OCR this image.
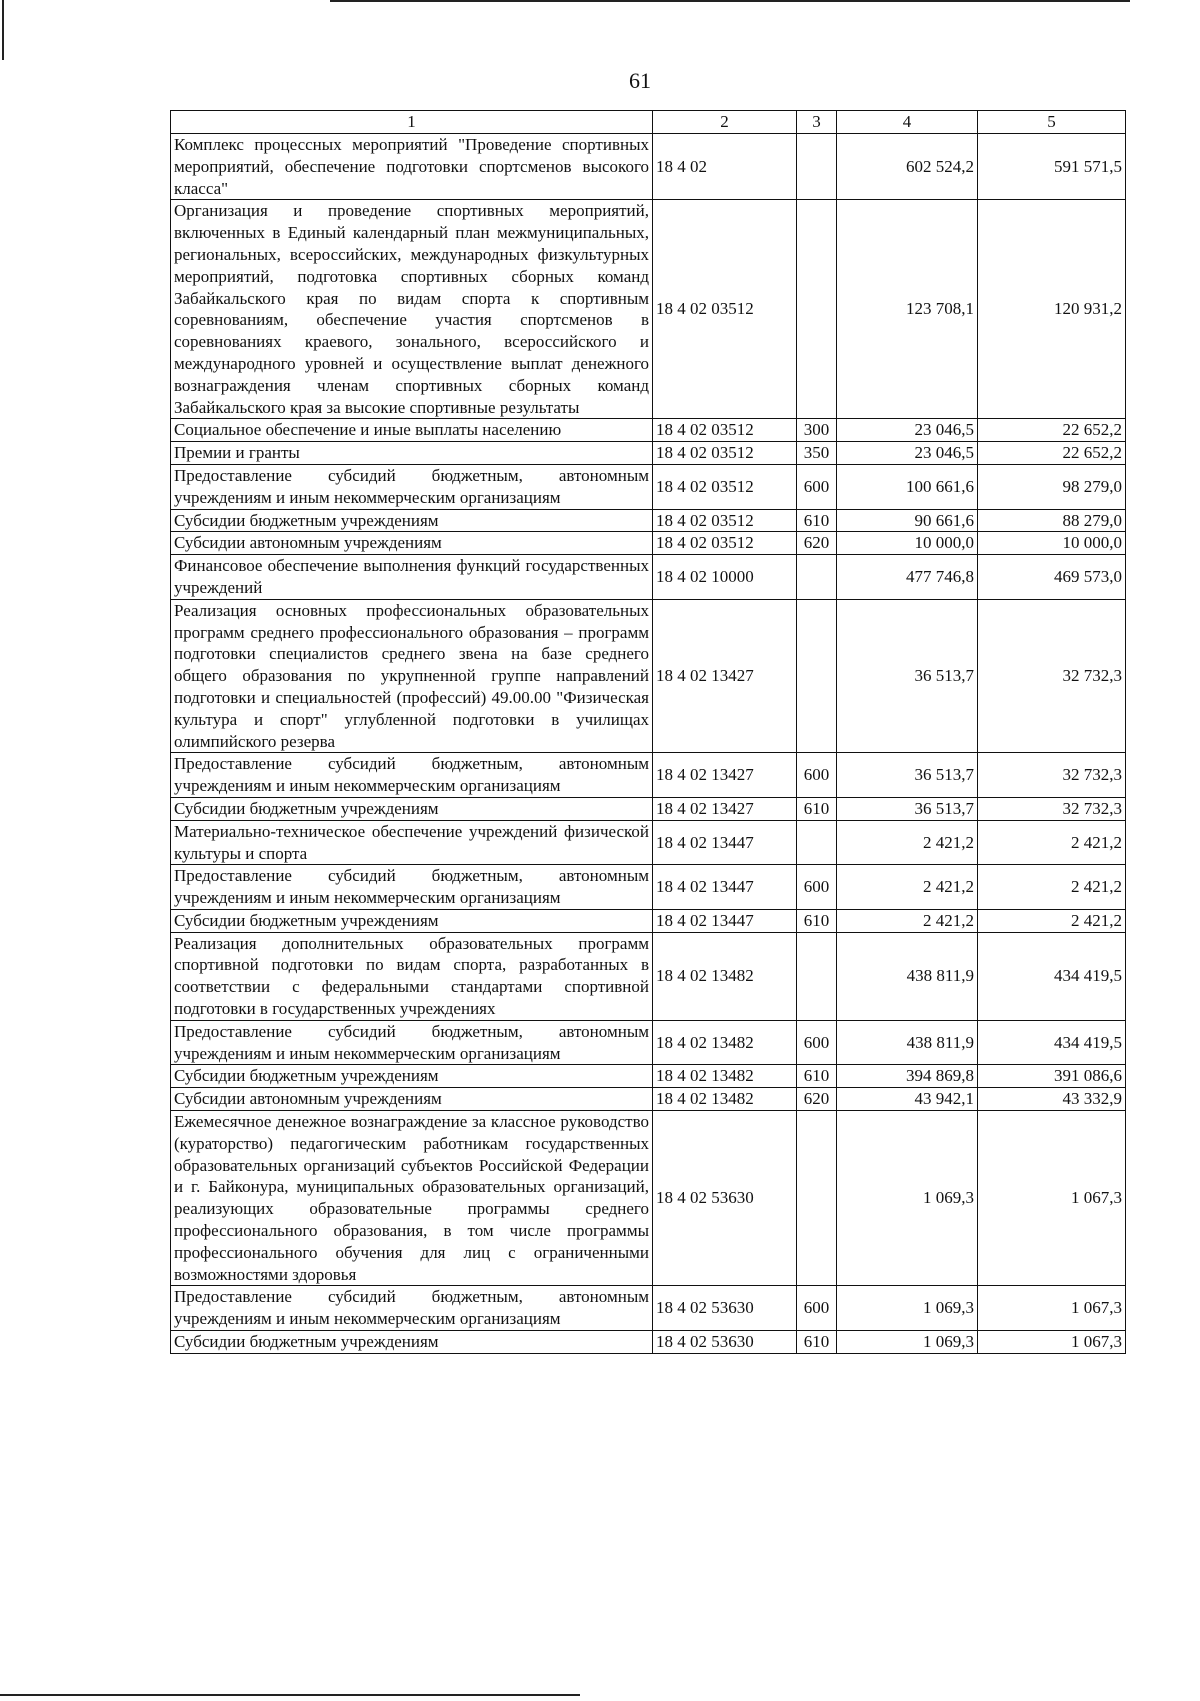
61
1	2	3	4	5
Комплекс процессных мероприятий "Проведение спортивных мероприятий, обеспечение подготовки спортсменов высокого класса"	18 4 02		602 524,2	591 571,5
Организация и проведение спортивных мероприятий, включенных в Единый календарный план межмуниципальных, региональных, всероссийских, международных физкультурных мероприятий, подготовка спортивных сборных команд Забайкальского края по видам спорта к спортивным соревнованиям, обеспечение участия спортсменов в соревнованиях краевого, зонального, всероссийского и международного уровней и осуществление выплат денежного вознаграждения членам спортивных сборных команд Забайкальского края за высокие спортивные результаты	18 4 02 03512		123 708,1	120 931,2
Социальное обеспечение и иные выплаты населению	18 4 02 03512	300	23 046,5	22 652,2
Премии и гранты	18 4 02 03512	350	23 046,5	22 652,2
Предоставление субсидий бюджетным, автономным учреждениям и иным некоммерческим организациям	18 4 02 03512	600	100 661,6	98 279,0
Субсидии бюджетным учреждениям	18 4 02 03512	610	90 661,6	88 279,0
Субсидии автономным учреждениям	18 4 02 03512	620	10 000,0	10 000,0
Финансовое обеспечение выполнения функций государственных учреждений	18 4 02 10000		477 746,8	469 573,0
Реализация основных профессиональных образовательных программ среднего профессионального образования – программ подготовки специалистов среднего звена на базе среднего общего образования по укрупненной группе направлений подготовки и специальностей (профессий) 49.00.00 "Физическая культура и спорт" углубленной подготовки в училищах олимпийского резерва	18 4 02 13427		36 513,7	32 732,3
Предоставление субсидий бюджетным, автономным учреждениям и иным некоммерческим организациям	18 4 02 13427	600	36 513,7	32 732,3
Субсидии бюджетным учреждениям	18 4 02 13427	610	36 513,7	32 732,3
Материально-техническое обеспечение учреждений физической культуры и спорта	18 4 02 13447		2 421,2	2 421,2
Предоставление субсидий бюджетным, автономным учреждениям и иным некоммерческим организациям	18 4 02 13447	600	2 421,2	2 421,2
Субсидии бюджетным учреждениям	18 4 02 13447	610	2 421,2	2 421,2
Реализация дополнительных образовательных программ спортивной подготовки по видам спорта, разработанных в соответствии с федеральными стандартами спортивной подготовки в государственных учреждениях	18 4 02 13482		438 811,9	434 419,5
Предоставление субсидий бюджетным, автономным учреждениям и иным некоммерческим организациям	18 4 02 13482	600	438 811,9	434 419,5
Субсидии бюджетным учреждениям	18 4 02 13482	610	394 869,8	391 086,6
Субсидии автономным учреждениям	18 4 02 13482	620	43 942,1	43 332,9
Ежемесячное денежное вознаграждение за классное руководство (кураторство) педагогическим работникам государственных образовательных организаций субъектов Российской Федерации и г. Байконура, муниципальных образовательных организаций, реализующих образовательные программы среднего профессионального образования, в том числе программы профессионального обучения для лиц с ограниченными возможностями здоровья	18 4 02 53630		1 069,3	1 067,3
Предоставление субсидий бюджетным, автономным учреждениям и иным некоммерческим организациям	18 4 02 53630	600	1 069,3	1 067,3
Субсидии бюджетным учреждениям	18 4 02 53630	610	1 069,3	1 067,3
